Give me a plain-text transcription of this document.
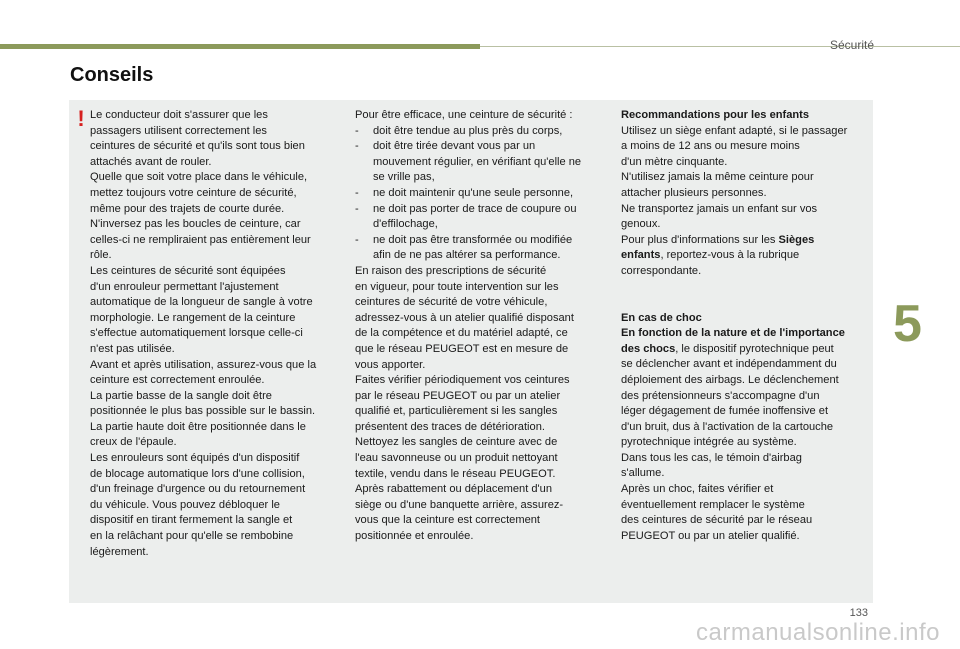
Sécurité
Conseils
! Le conducteur doit s'assurer que les

passagers utilisent correctement les

ceintures de sécurité et qu'ils sont tous bien

attachés avant de rouler.

Quelle que soit votre place dans le véhicule,

mettez toujours votre ceinture de sécurité,

même pour des trajets de courte durée.

N'inversez pas les boucles de ceinture, car

celles-ci ne rempliraient pas entièrement leur

rôle.

Les ceintures de sécurité sont équipées

d'un enrouleur permettant l'ajustement

automatique de la longueur de sangle à votre

morphologie. Le rangement de la ceinture

s'effectue automatiquement lorsque celle-ci

n'est pas utilisée.

Avant et après utilisation, assurez-vous que la

ceinture est correctement enroulée.

La partie basse de la sangle doit être

positionnée le plus bas possible sur le bassin.

La partie haute doit être positionnée dans le

creux de l'épaule.

Les enrouleurs sont équipés d'un dispositif

de blocage automatique lors d'une collision,

d'un freinage d'urgence ou du retournement

du véhicule. Vous pouvez débloquer le

dispositif en tirant fermement la sangle et

en la relâchant pour qu'elle se rembobine

légèrement.

Pour être efficace, une ceinture de sécurité :

- doit être tendue au plus près du corps,

- doit être tirée devant vous par un

mouvement régulier, en vérifiant qu'elle ne

se vrille pas,

- ne doit maintenir qu'une seule personne,

- ne doit pas porter de trace de coupure ou

d'effilochage,

- ne doit pas être transformée ou modifiée

afin de ne pas altérer sa performance.

En raison des prescriptions de sécurité

en vigueur, pour toute intervention sur les

ceintures de sécurité de votre véhicule,

adressez-vous à un atelier qualifié disposant

de la compétence et du matériel adapté, ce

que le réseau PEUGEOT est en mesure de

vous apporter.

Faites vérifier périodiquement vos ceintures

par le réseau PEUGEOT ou par un atelier

qualifié et, particulièrement si les sangles

présentent des traces de détérioration.

Nettoyez les sangles de ceinture avec de

l'eau savonneuse ou un produit nettoyant

textile, vendu dans le réseau PEUGEOT.

Après rabattement ou déplacement d'un

siège ou d'une banquette arrière, assurez-

vous que la ceinture est correctement

positionnée et enroulée.

Recommandations pour les enfants

Utilisez un siège enfant adapté, si le passager

a moins de 12 ans ou mesure moins

d'un mètre cinquante.

N'utilisez jamais la même ceinture pour

attacher plusieurs personnes.

Ne transportez jamais un enfant sur vos

genoux.

Pour plus d'informations sur les Sièges

enfants, reportez-vous à la rubrique

correspondante.

En cas de choc

En fonction de la nature et de l'importance

des chocs, le dispositif pyrotechnique peut

se déclencher avant et indépendamment du

déploiement des airbags. Le déclenchement

des prétensionneurs s'accompagne d'un

léger dégagement de fumée inoffensive et

d'un bruit, dus à l'activation de la cartouche

pyrotechnique intégrée au système.

Dans tous les cas, le témoin d'airbag

s'allume.

Après un choc, faites vérifier et

éventuellement remplacer le système

des ceintures de sécurité par le réseau

PEUGEOT ou par un atelier qualifié.

5
133
carmanualsonline.info
